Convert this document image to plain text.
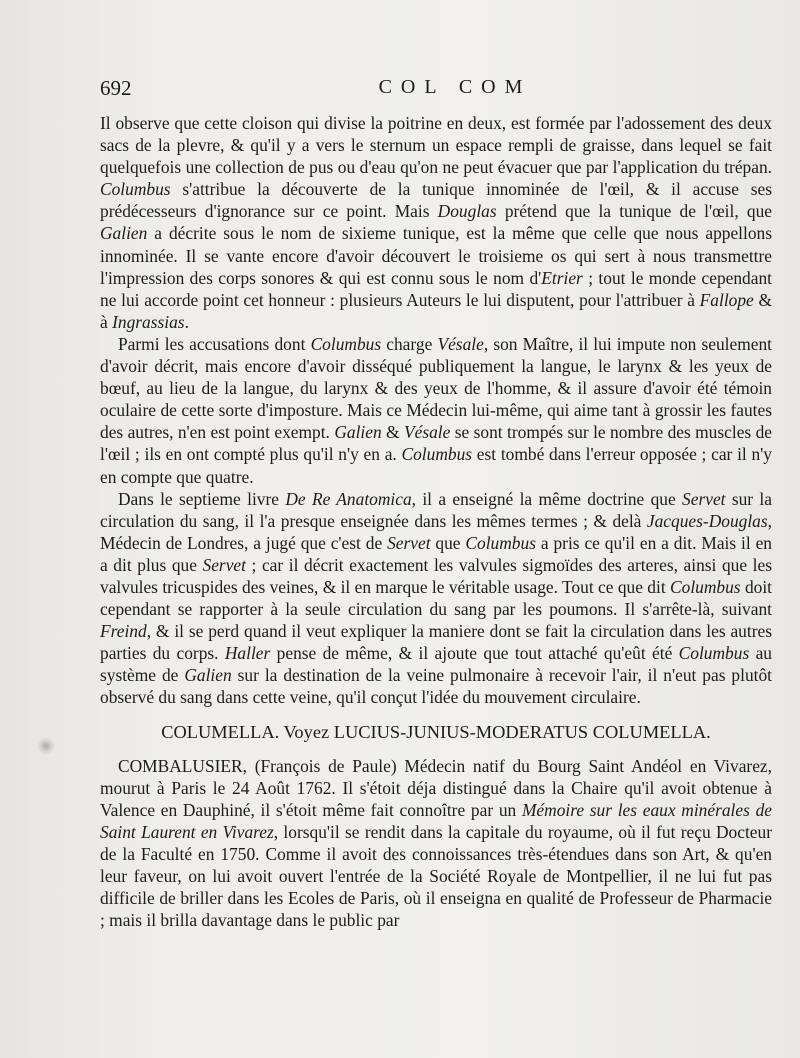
692	COL COM

Il observe que cette cloison qui divise la poitrine en deux, est formée par l'adossement des deux sacs de la plevre, & qu'il y a vers le sternum un espace rempli de graisse, dans lequel se fait quelquefois une collection de pus ou d'eau qu'on ne peut évacuer que par l'application du trépan. Columbus s'attribue la découverte de la tunique innominée de l'œil, & il accuse ses prédécesseurs d'ignorance sur ce point. Mais Douglas prétend que la tunique de l'œil, que Galien a décrite sous le nom de sixieme tunique, est la même que celle que nous appellons innominée. Il se vante encore d'avoir découvert le troisieme os qui sert à nous transmettre l'impression des corps sonores & qui est connu sous le nom d'Etrier ; tout le monde cependant ne lui accorde point cet honneur : plusieurs Auteurs le lui disputent, pour l'attribuer à Fallope & à Ingrassias.

Parmi les accusations dont Columbus charge Vésale, son Maître, il lui impute non seulement d'avoir décrit, mais encore d'avoir disséqué publiquement la langue, le larynx & les yeux de bœuf, au lieu de la langue, du larynx & des yeux de l'homme, & il assure d'avoir été témoin oculaire de cette sorte d'imposture. Mais ce Médecin lui-même, qui aime tant à grossir les fautes des autres, n'en est point exempt. Galien & Vésale se sont trompés sur le nombre des muscles de l'œil ; ils en ont compté plus qu'il n'y en a. Columbus est tombé dans l'erreur opposée ; car il n'y en compte que quatre.

Dans le septieme livre De Re Anatomica, il a enseigné la même doctrine que Servet sur la circulation du sang, il l'a presque enseignée dans les mêmes termes ; & delà Jacques-Douglas, Médecin de Londres, a jugé que c'est de Servet que Columbus a pris ce qu'il en a dit. Mais il en a dit plus que Servet ; car il décrit exactement les valvules sigmoïdes des arteres, ainsi que les valvules tricuspides des veines, & il en marque le véritable usage. Tout ce que dit Columbus doit cependant se rapporter à la seule circulation du sang par les poumons. Il s'arrête-là, suivant Freind, & il se perd quand il veut expliquer la maniere dont se fait la circulation dans les autres parties du corps. Haller pense de même, & il ajoute que tout attaché qu'eût été Columbus au système de Galien sur la destination de la veine pulmonaire à recevoir l'air, il n'eut pas plutôt observé du sang dans cette veine, qu'il conçut l'idée du mouvement circulaire.

COLUMELLA. Voyez LUCIUS-JUNIUS-MODERATUS COLUMELLA.

COMBALUSIER, (François de Paule) Médecin natif du Bourg Saint Andéol en Vivarez, mourut à Paris le 24 Août 1762. Il s'étoit déja distingué dans la Chaire qu'il avoit obtenue à Valence en Dauphiné, il s'étoit même fait connoître par un Mémoire sur les eaux minérales de Saint Laurent en Vivarez, lorsqu'il se rendit dans la capitale du royaume, où il fut reçu Docteur de la Faculté en 1750. Comme il avoit des connoissances très-étendues dans son Art, & qu'en leur faveur, on lui avoit ouvert l'entrée de la Société Royale de Montpellier, il ne lui fut pas difficile de briller dans les Ecoles de Paris, où il enseigna en qualité de Professeur de Pharmacie ; mais il brilla davantage dans le public par
